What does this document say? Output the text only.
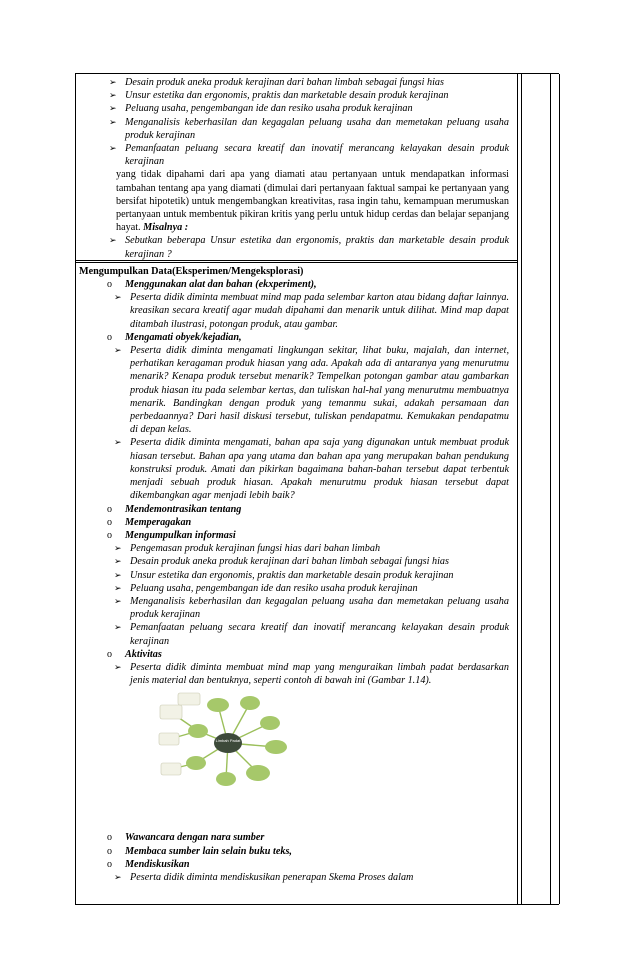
➢ Desain produk aneka produk kerajinan dari bahan limbah sebagai fungsi hias
➢ Unsur estetika dan ergonomis, praktis dan marketable desain produk kerajinan
➢ Peluang usaha, pengembangan ide dan resiko usaha produk kerajinan
➢ Menganalisis keberhasilan dan kegagalan peluang usaha dan memetakan peluang usaha produk kerajinan
➢ Pemanfaatan peluang secara kreatif dan inovatif merancang kelayakan desain produk kerajinan
yang tidak dipahami dari apa yang diamati atau pertanyaan untuk mendapatkan informasi tambahan tentang apa yang diamati (dimulai dari pertanyaan faktual sampai ke pertanyaan yang bersifat hipotetik) untuk mengembangkan kreativitas, rasa ingin tahu, kemampuan merumuskan pertanyaan untuk membentuk pikiran kritis yang perlu untuk hidup cerdas dan belajar sepanjang hayat. Misalnya :
➢ Sebutkan beberapa Unsur estetika dan ergonomis, praktis dan marketable desain produk kerajinan ?
Mengumpulkan Data(Eksperimen/Mengeksplorasi)
o Menggunakan alat dan bahan (ekxperiment),
➢ Peserta didik diminta membuat mind map pada selembar karton atau bidang daftar lainnya. kreasikan secara kreatif agar mudah dipahami dan menarik untuk dilihat. Mind map dapat ditambah ilustrasi, potongan produk, atau gambar.
o Mengamati obyek/kejadian,
➢ Peserta didik diminta mengamati lingkungan sekitar, lihat buku, majalah, dan internet, perhatikan keragaman produk hiasan yang ada. Apakah ada di antaranya yang menurutmu menarik? Kenapa produk tersebut menarik? Tempelkan potongan gambar atau gambarkan produk hiasan itu pada selembar kertas, dan tuliskan hal-hal yang menurutmu membuatnya menarik. Bandingkan dengan produk yang temanmu sukai, adakah persamaan dan perbedaannya? Dari hasil diskusi tersebut, tuliskan pendapatmu. Kemukakan pendapatmu di depan kelas.
➢ Peserta didik diminta mengamati, bahan apa saja yang digunakan untuk membuat produk hiasan tersebut. Bahan apa yang utama dan bahan apa yang merupakan bahan pendukung konstruksi produk. Amati dan pikirkan bagaimana bahan-bahan tersebut dapat terbentuk menjadi sebuah produk hiasan. Apakah menurutmu produk hiasan tersebut dapat dikembangkan agar menjadi lebih baik?
o Mendemontrasikan tentang
o Memperagakan
o Mengumpulkan informasi
➢ Pengemasan produk kerajinan fungsi hias dari bahan limbah
➢ Desain produk aneka produk kerajinan dari bahan limbah sebagai fungsi hias
➢ Unsur estetika dan ergonomis, praktis dan marketable desain produk kerajinan
➢ Peluang usaha, pengembangan ide dan resiko usaha produk kerajinan
➢ Menganalisis keberhasilan dan kegagalan peluang usaha dan memetakan peluang usaha produk kerajinan
➢ Pemanfaatan peluang secara kreatif dan inovatif merancang kelayakan desain produk kerajinan
o Aktivitas
➢ Peserta didik diminta membuat mind map yang menguraikan limbah padat berdasarkan jenis material dan bentuknya, seperti contoh di bawah ini (Gambar 1.14).
Limbah Padat
o Wawancara dengan nara sumber
o Membaca sumber lain selain buku teks,
o Mendiskusikan
➢ Peserta didik diminta mendiskusikan penerapan Skema Proses dalam
